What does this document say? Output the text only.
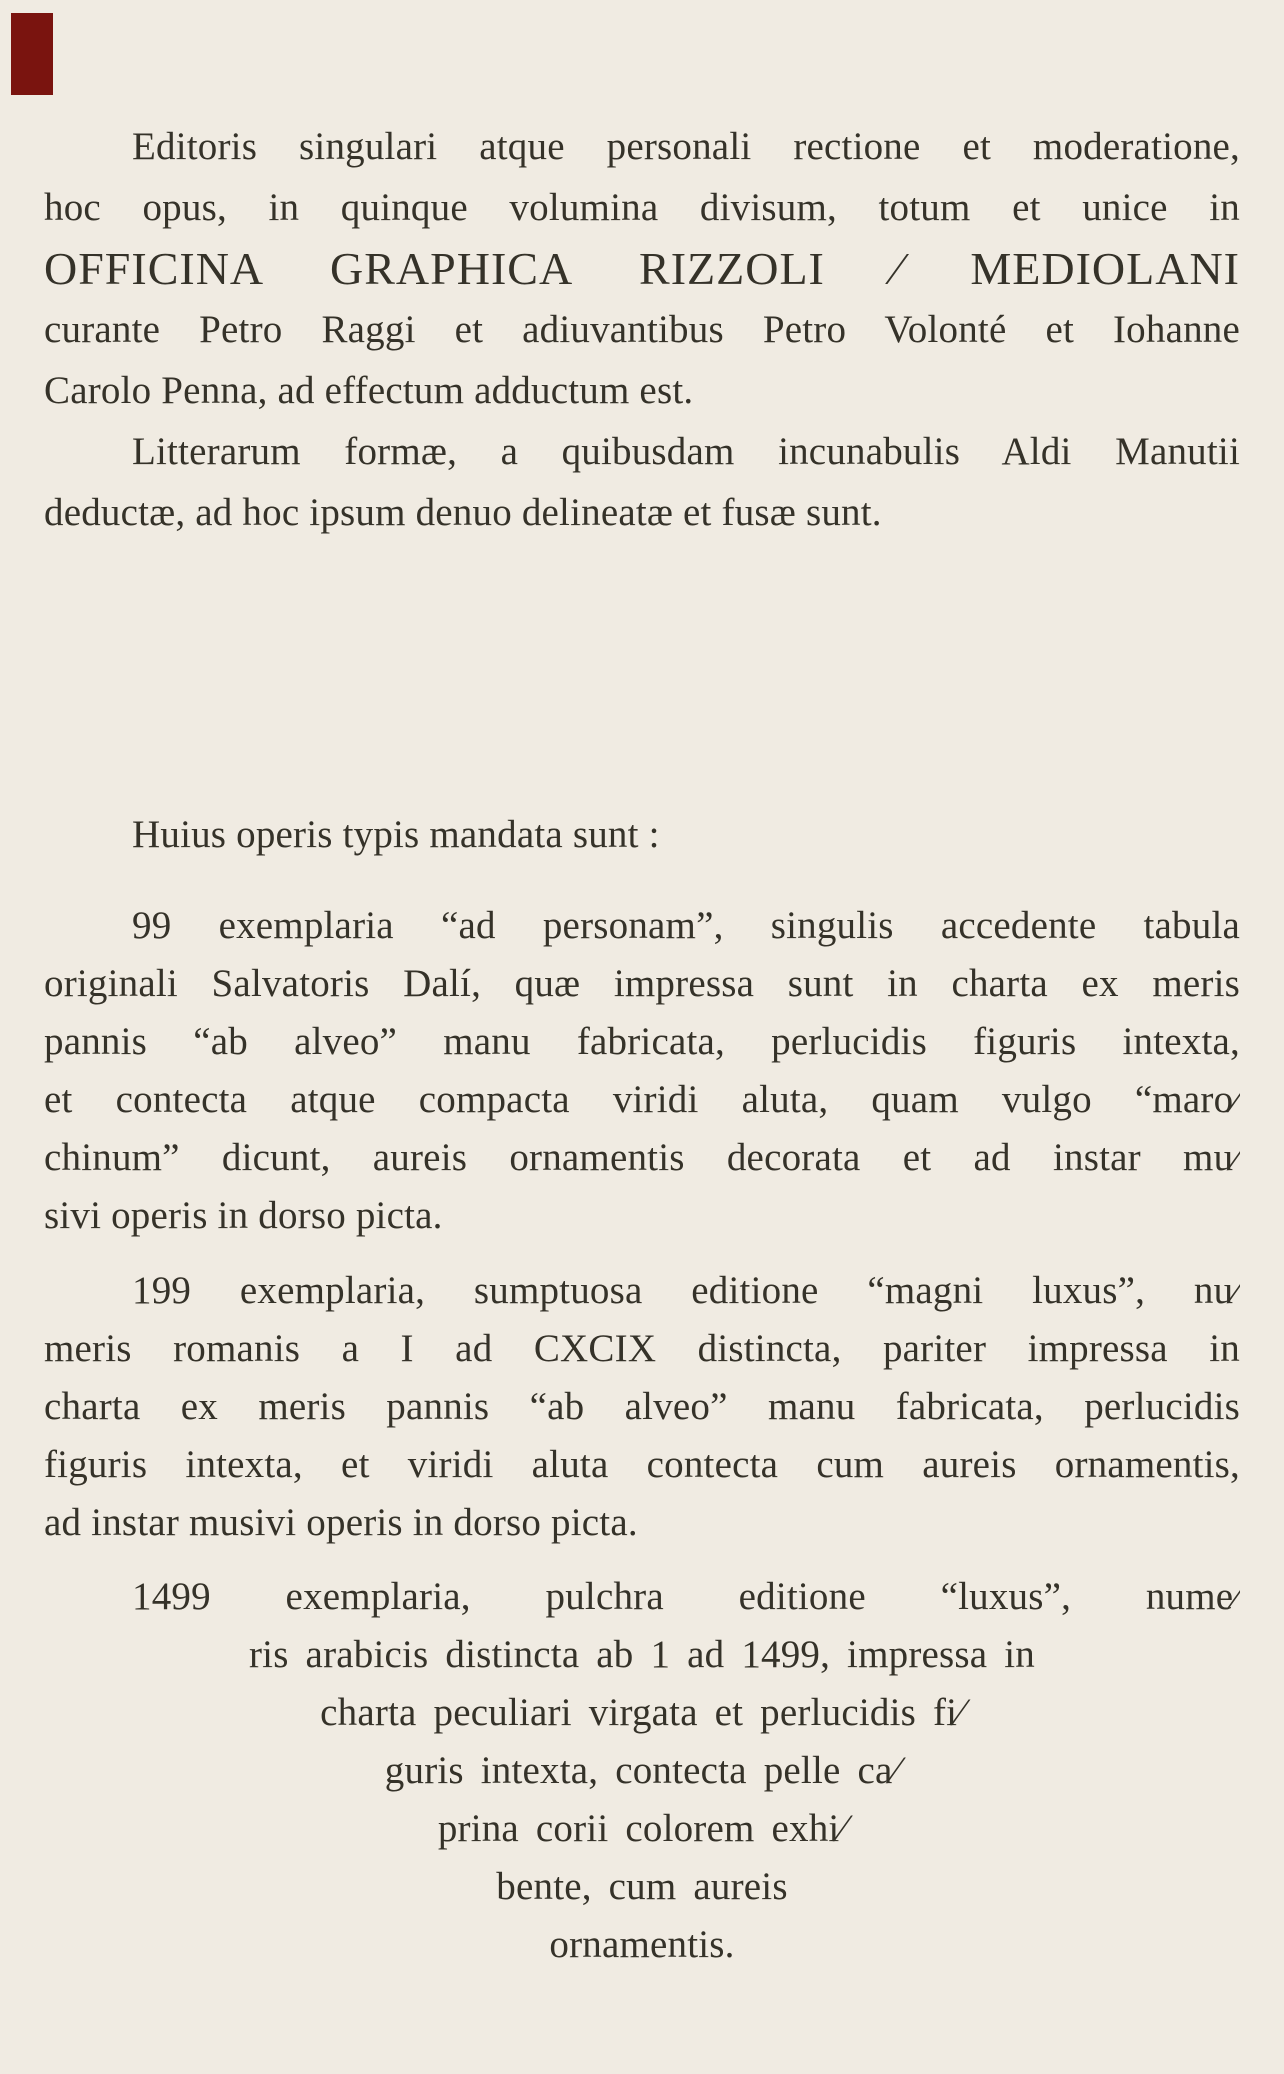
Editoris singulari atque personali rectione et moderatione,
hoc opus, in quinque volumina divisum, totum et unice in
OFFICINA GRAPHICA RIZZOLI ⁄ MEDIOLANI
curante Petro Raggi et adiuvantibus Petro Volonté et Iohanne
Carolo Penna, ad effectum adductum est.
Litterarum formæ, a quibusdam incunabulis Aldi Manutii
deductæ, ad hoc ipsum denuo delineatæ et fusæ sunt.
Huius operis typis mandata sunt :
99 exemplaria “ad personam”, singulis accedente tabula
originali Salvatoris Dalí, quæ impressa sunt in charta ex meris
pannis “ab alveo” manu fabricata, perlucidis figuris intexta,
et contecta atque compacta viridi aluta, quam vulgo “maro⁄
chinum” dicunt, aureis ornamentis decorata et ad instar mu⁄
sivi operis in dorso picta.
199 exemplaria, sumptuosa editione “magni luxus”, nu⁄
meris romanis a I ad CXCIX distincta, pariter impressa in
charta ex meris pannis “ab alveo” manu fabricata, perlucidis
figuris intexta, et viridi aluta contecta cum aureis ornamentis,
ad instar musivi operis in dorso picta.
1499 exemplaria, pulchra editione “luxus”, nume⁄
ris arabicis distincta ab 1 ad 1499, impressa in
charta peculiari virgata et perlucidis fi⁄
guris intexta, contecta pelle ca⁄
prina corii colorem exhi⁄
bente, cum aureis
ornamentis.
